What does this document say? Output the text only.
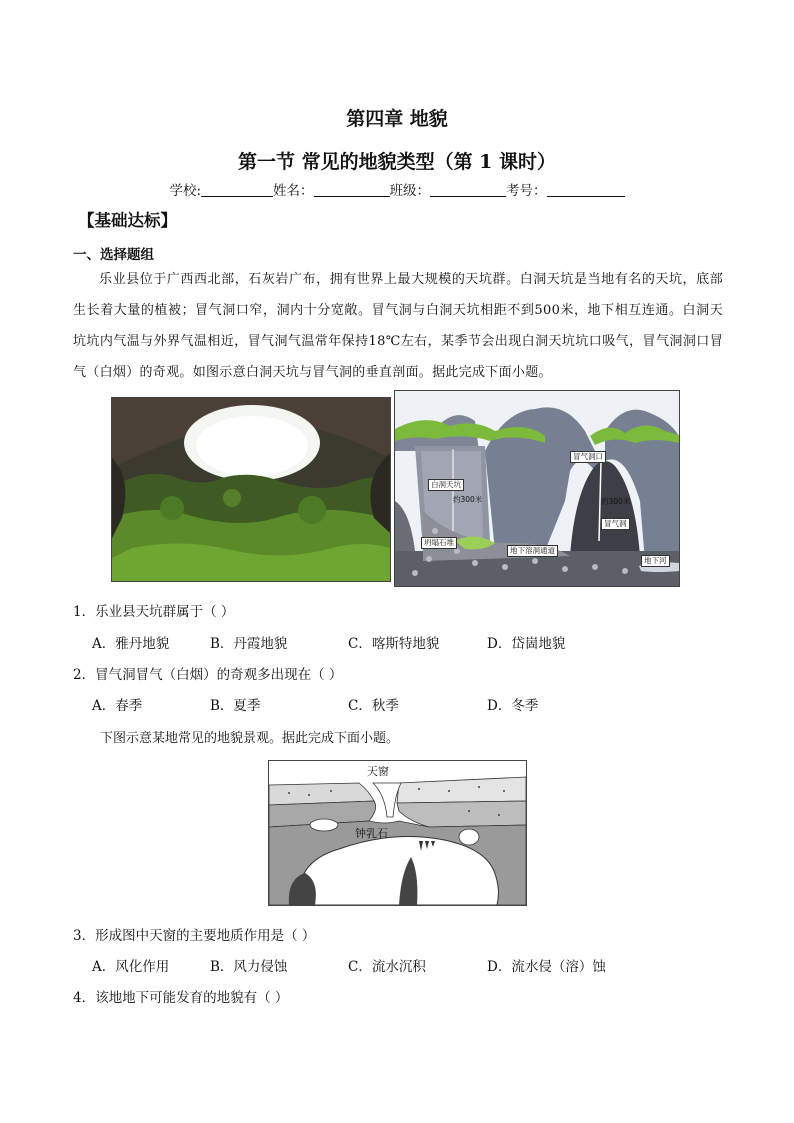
第四章 地貌
第一节 常见的地貌类型（第 1 课时）
学校:	姓名：	班级：	考号：
【基础达标】
一、选择题组
乐业县位于广西西北部，石灰岩广布，拥有世界上最大规模的天坑群。白洞天坑是当地有名的天坑，底部生长着大量的植被；冒气洞口窄，洞内十分宽敞。冒气洞与白洞天坑相距不到500米，地下相互连通。白洞天坑坑内气温与外界气温相近，冒气洞气温常年保持18℃左右，某季节会出现白洞天坑坑口吸气，冒气洞洞口冒气（白烟）的奇观。如图示意白洞天坑与冒气洞的垂直剖面。据此完成下面小题。
白洞天坑
约300米
坍塌石堆
地下溶洞通道
冒气洞口
约300米
冒气洞
地下河
1．乐业县天坑群属于（ ）
A．雅丹地貌	B．丹霞地貌	C．喀斯特地貌	D．岱崮地貌
2．冒气洞冒气（白烟）的奇观多出现在（ ）
A．春季	B．夏季	C．秋季	D．冬季
下图示意某地常见的地貌景观。据此完成下面小题。
天窗
钟乳石
3．形成图中天窗的主要地质作用是（ ）
A．风化作用	B．风力侵蚀	C．流水沉积	D．流水侵（溶）蚀
4．该地地下可能发育的地貌有（ ）
